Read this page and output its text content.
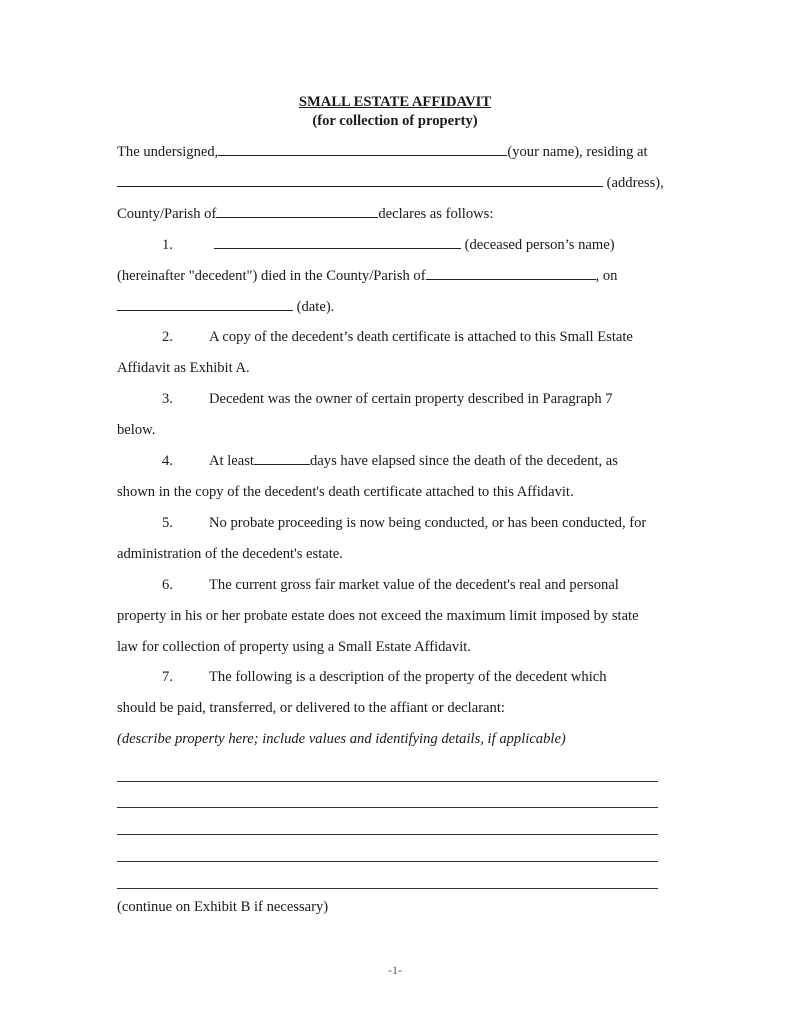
SMALL ESTATE AFFIDAVIT
(for collection of property)
The undersigned,	(your name), residing at
(address),
County/Parish of	declares as follows:
1.	(deceased person’s name)
(hereinafter "decedent") died in the County/Parish of	, on
(date).
2. A copy of the decedent’s death certificate is attached to this Small Estate
Affidavit as Exhibit A.
3. Decedent was the owner of certain property described in Paragraph 7
below.
4. At least	days have elapsed since the death of the decedent, as
shown in the copy of the decedent's death certificate attached to this Affidavit.
5. No probate proceeding is now being conducted, or has been conducted, for
administration of the decedent's estate.
6. The current gross fair market value of the decedent's real and personal
property in his or her probate estate does not exceed the maximum limit imposed by state
law for collection of property using a Small Estate Affidavit.
7. The following is a description of the property of the decedent which
should be paid, transferred, or delivered to the affiant or declarant:
(describe property here; include values and identifying details, if applicable)
(continue on Exhibit B if necessary)
-1-
